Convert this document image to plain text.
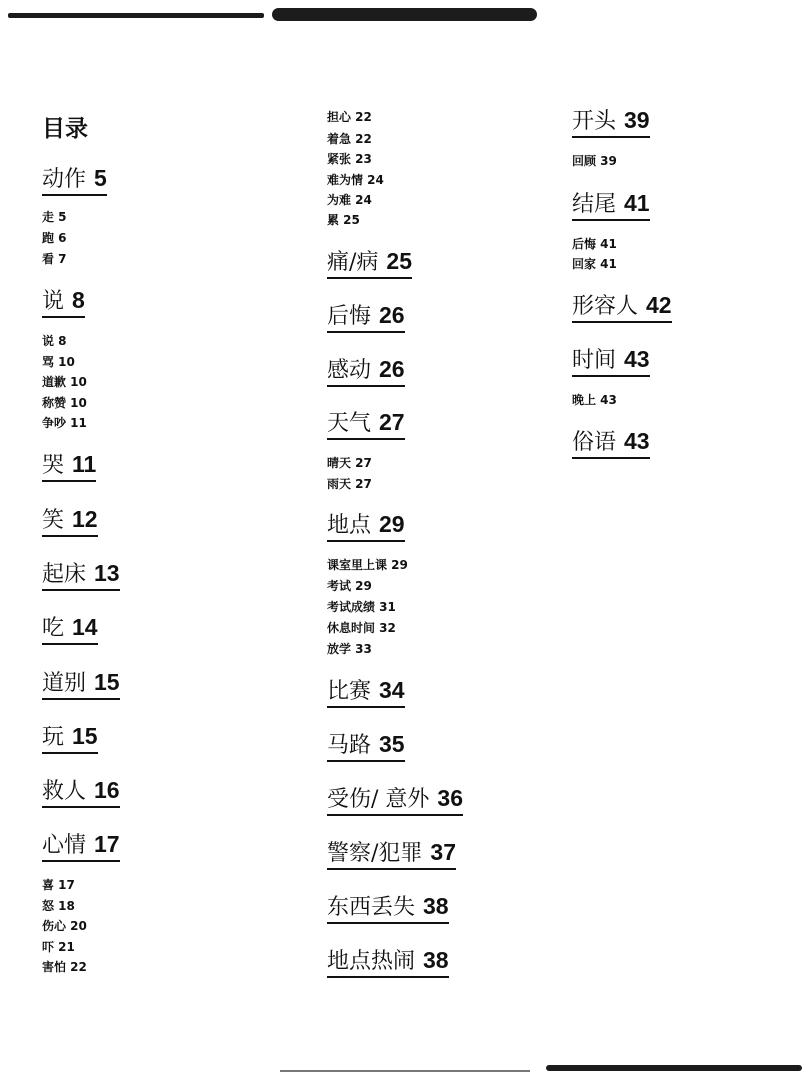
目录
动作 5
走 5
跑 6
看 7
说 8
说 8
骂 10
道歉 10
称赞 10
争吵 11
哭 11
笑 12
起床 13
吃 14
道别 15
玩 15
救人 16
心情 17
喜 17
怒 18
伤心 20
吓 21
害怕 22
担心 22
着急 22
紧张 23
难为情 24
为难 24
累 25
痛/病 25
后悔 26
感动 26
天气 27
晴天 27
雨天 27
地点 29
课室里上课 29
考试 29
考试成绩 31
休息时间 32
放学 33
比赛 34
马路 35
受伤/ 意外 36
警察/犯罪 37
东西丢失 38
地点热闹 38
开头 39
回顾 39
结尾 41
后悔 41
回家 41
形容人 42
时间 43
晚上 43
俗语 43
